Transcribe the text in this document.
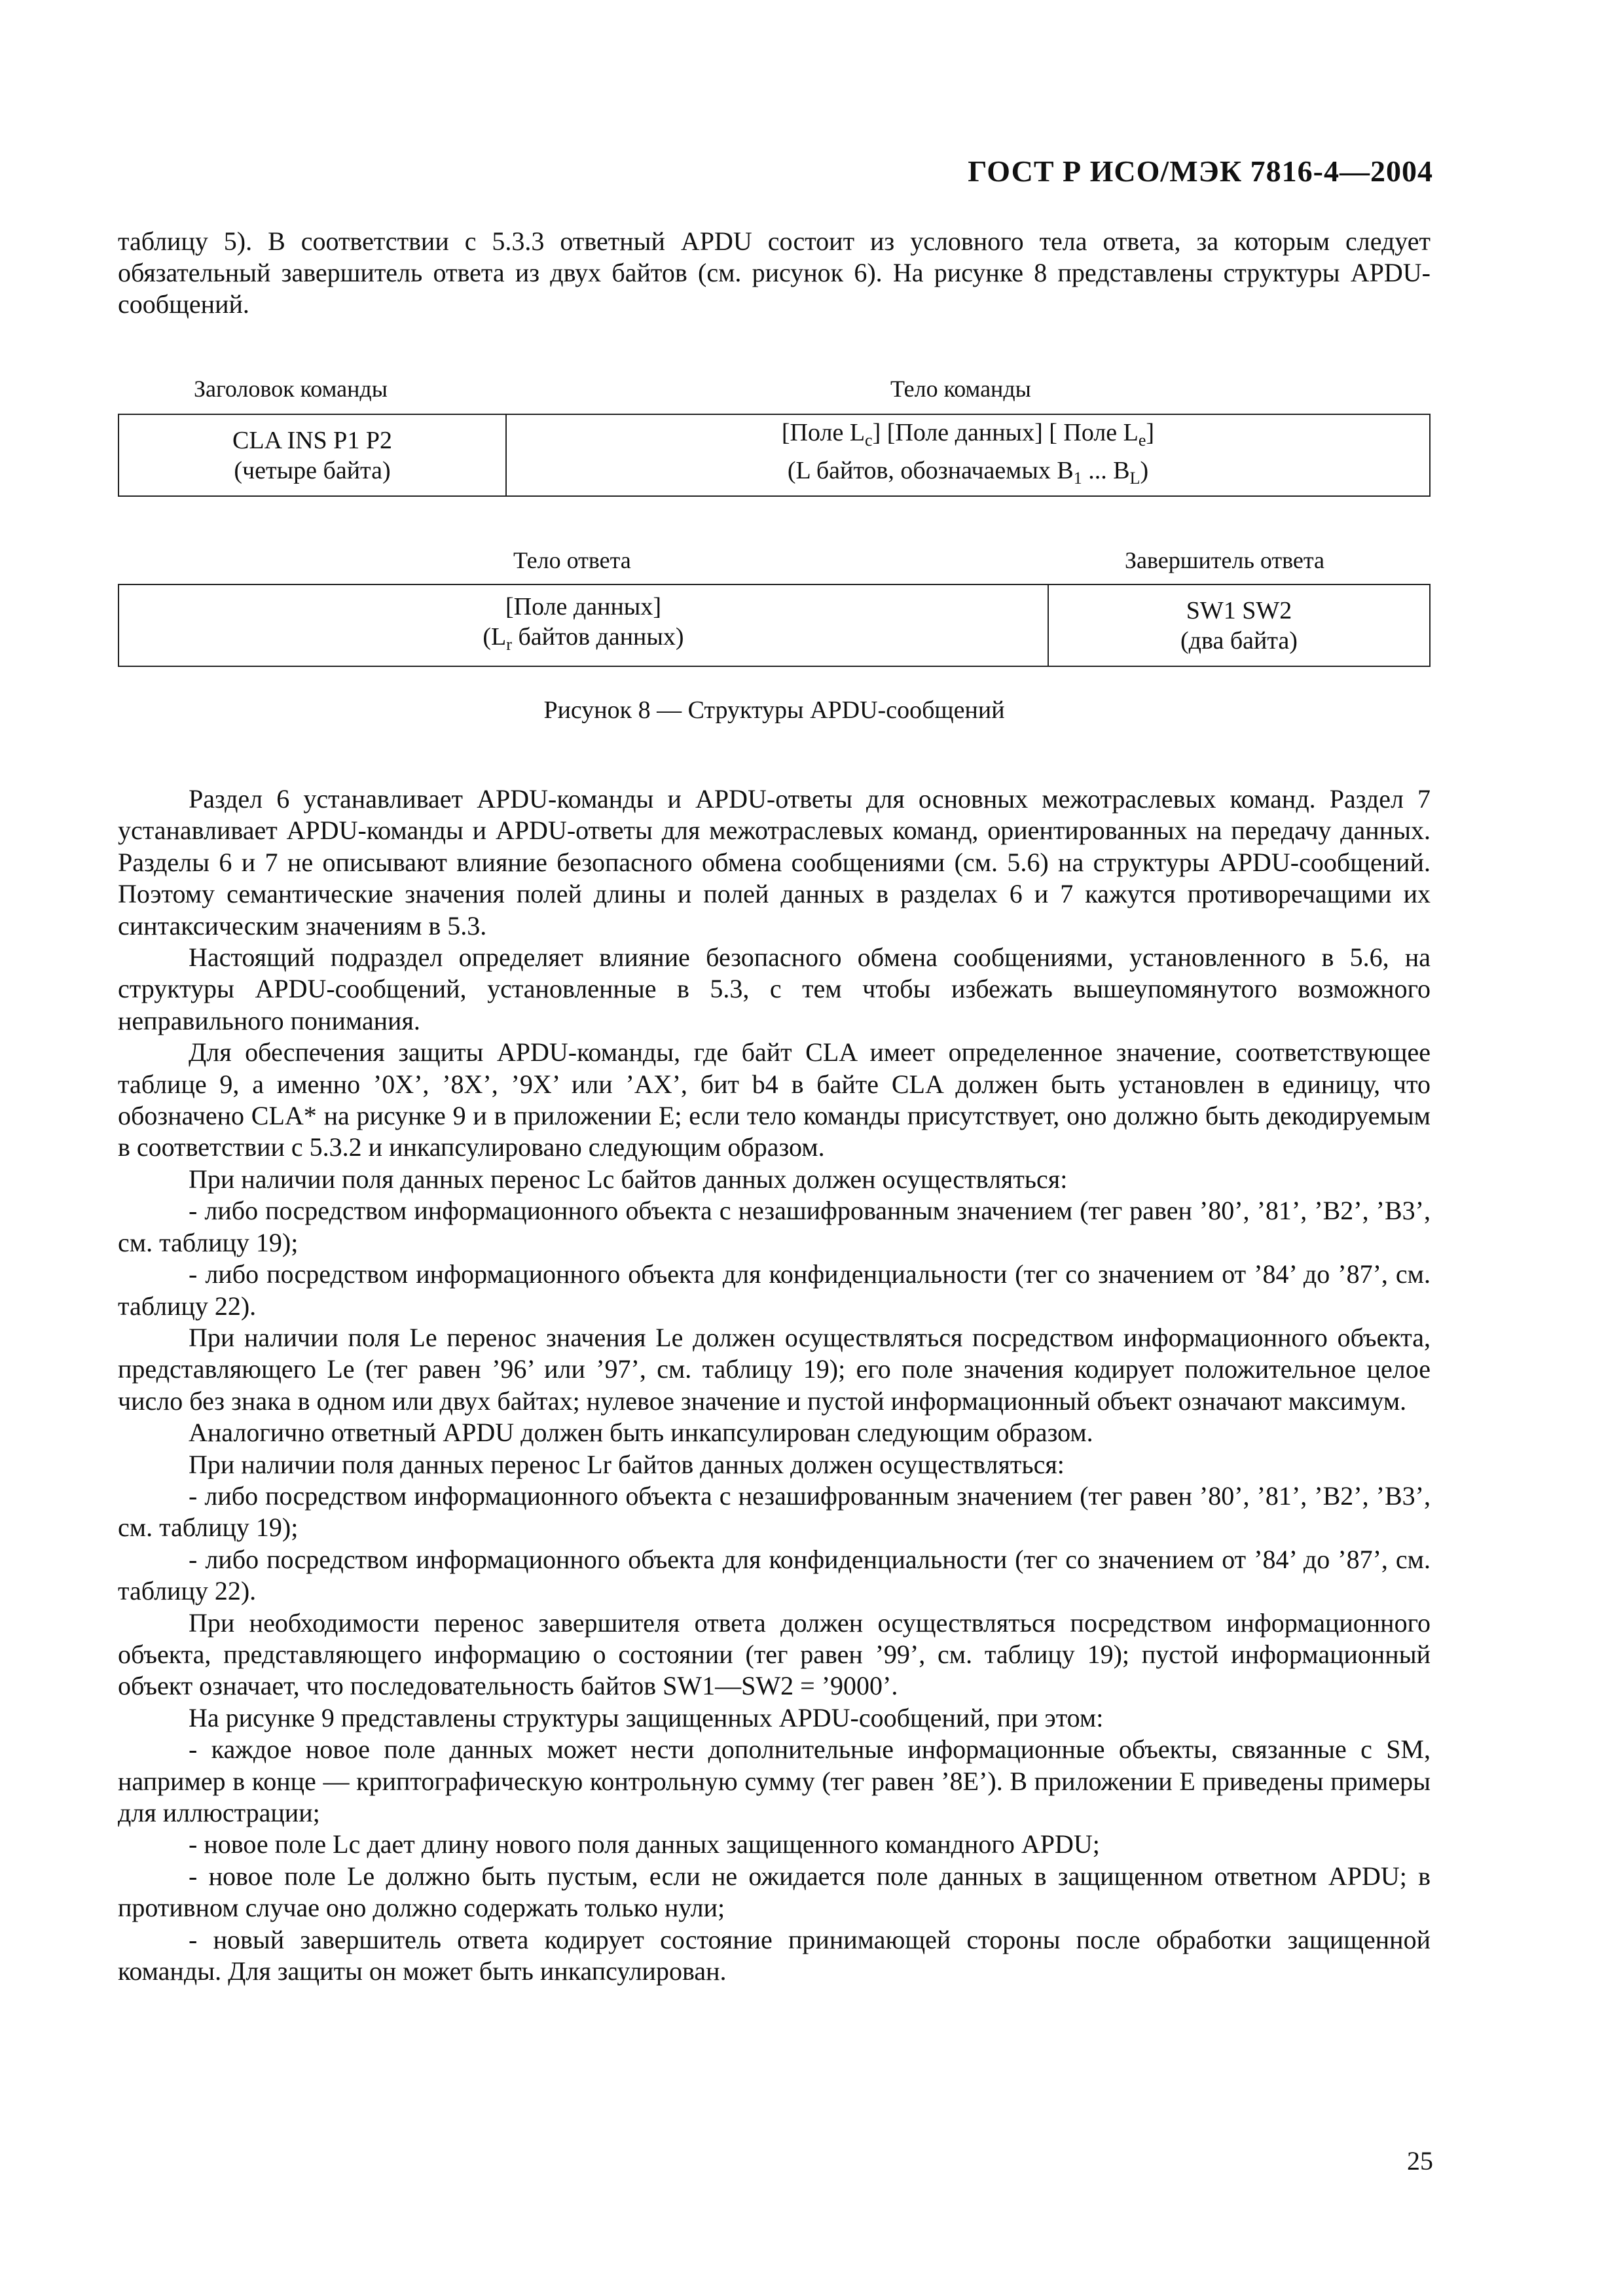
ГОСТ Р ИСО/МЭК 7816-4—2004
таблицу 5). В соответствии с 5.3.3 ответный APDU состоит из условного тела ответа, за которым следует обязательный завершитель ответа из двух байтов (см. рисунок 6). На рисунке 8 представлены структуры APDU-сообщений.
Заголовок команды	Тело команды
CLA INS P1 P2
(четыре байта)
[Поле $L_c$] [Поле данных] [ Поле $L_e$]
(L байтов, обозначаемых $B_1$ ... $B_L$)
Тело ответа	Завершитель ответа
[Поле данных]
($L_r$ байтов данных)
SW1 SW2
(два байта)
Рисунок 8 — Структуры APDU-сообщений

Раздел 6 устанавливает APDU-команды и APDU-ответы для основных межотраслевых команд. Раздел 7 устанавливает APDU-команды и APDU-ответы для межотраслевых команд, ориентированных на передачу данных. Разделы 6 и 7 не описывают влияние безопасного обмена сообщениями (см. 5.6) на структуры APDU-сообщений. Поэтому семантические значения полей длины и полей данных в разделах 6 и 7 кажутся противоречащими их синтаксическим значениям в 5.3.

Настоящий подраздел определяет влияние безопасного обмена сообщениями, установленного в 5.6, на структуры APDU-сообщений, установленные в 5.3, с тем чтобы избежать вышеупомянутого возможного неправильного понимания.

Для обеспечения защиты APDU-команды, где байт CLA имеет определенное значение, соответствующее таблице 9, а именно ’0X’, ’8X’, ’9X’ или ’AX’, бит b4 в байте CLA должен быть установлен в единицу, что обозначено CLA* на рисунке 9 и в приложении Е; если тело команды присутствует, оно должно быть декодируемым в соответствии с 5.3.2 и инкапсулировано следующим образом.

При наличии поля данных перенос Lc байтов данных должен осуществляться:

- либо посредством информационного объекта с незашифрованным значением (тег равен ’80’, ’81’, ’B2’, ’B3’, см. таблицу 19);

- либо посредством информационного объекта для конфиденциальности (тег со значением от ’84’ до ’87’, см. таблицу 22).

При наличии поля Le перенос значения Le должен осуществляться посредством информационного объекта, представляющего Le (тег равен ’96’ или ’97’, см. таблицу 19); его поле значения кодирует положительное целое число без знака в одном или двух байтах; нулевое значение и пустой информационный объект означают максимум.

Аналогично ответный APDU должен быть инкапсулирован следующим образом.

При наличии поля данных перенос Lr байтов данных должен осуществляться:

- либо посредством информационного объекта с незашифрованным значением (тег равен ’80’, ’81’, ’B2’, ’B3’, см. таблицу 19);

- либо посредством информационного объекта для конфиденциальности (тег со значением от ’84’ до ’87’, см. таблицу 22).

При необходимости перенос завершителя ответа должен осуществляться посредством информационного объекта, представляющего информацию о состоянии (тег равен ’99’, см. таблицу 19); пустой информационный объект означает, что последовательность байтов SW1—SW2 = ’9000’.

На рисунке 9 представлены структуры защищенных APDU-сообщений, при этом:

- каждое новое поле данных может нести дополнительные информационные объекты, связанные с SM, например в конце — криптографическую контрольную сумму (тег равен ’8E’). В приложении Е приведены примеры для иллюстрации;

- новое поле Lc дает длину нового поля данных защищенного командного APDU;

- новое поле Le должно быть пустым, если не ожидается поле данных в защищенном ответном APDU; в противном случае оно должно содержать только нули;

- новый завершитель ответа кодирует состояние принимающей стороны после обработки защищенной команды. Для защиты он может быть инкапсулирован.

25
